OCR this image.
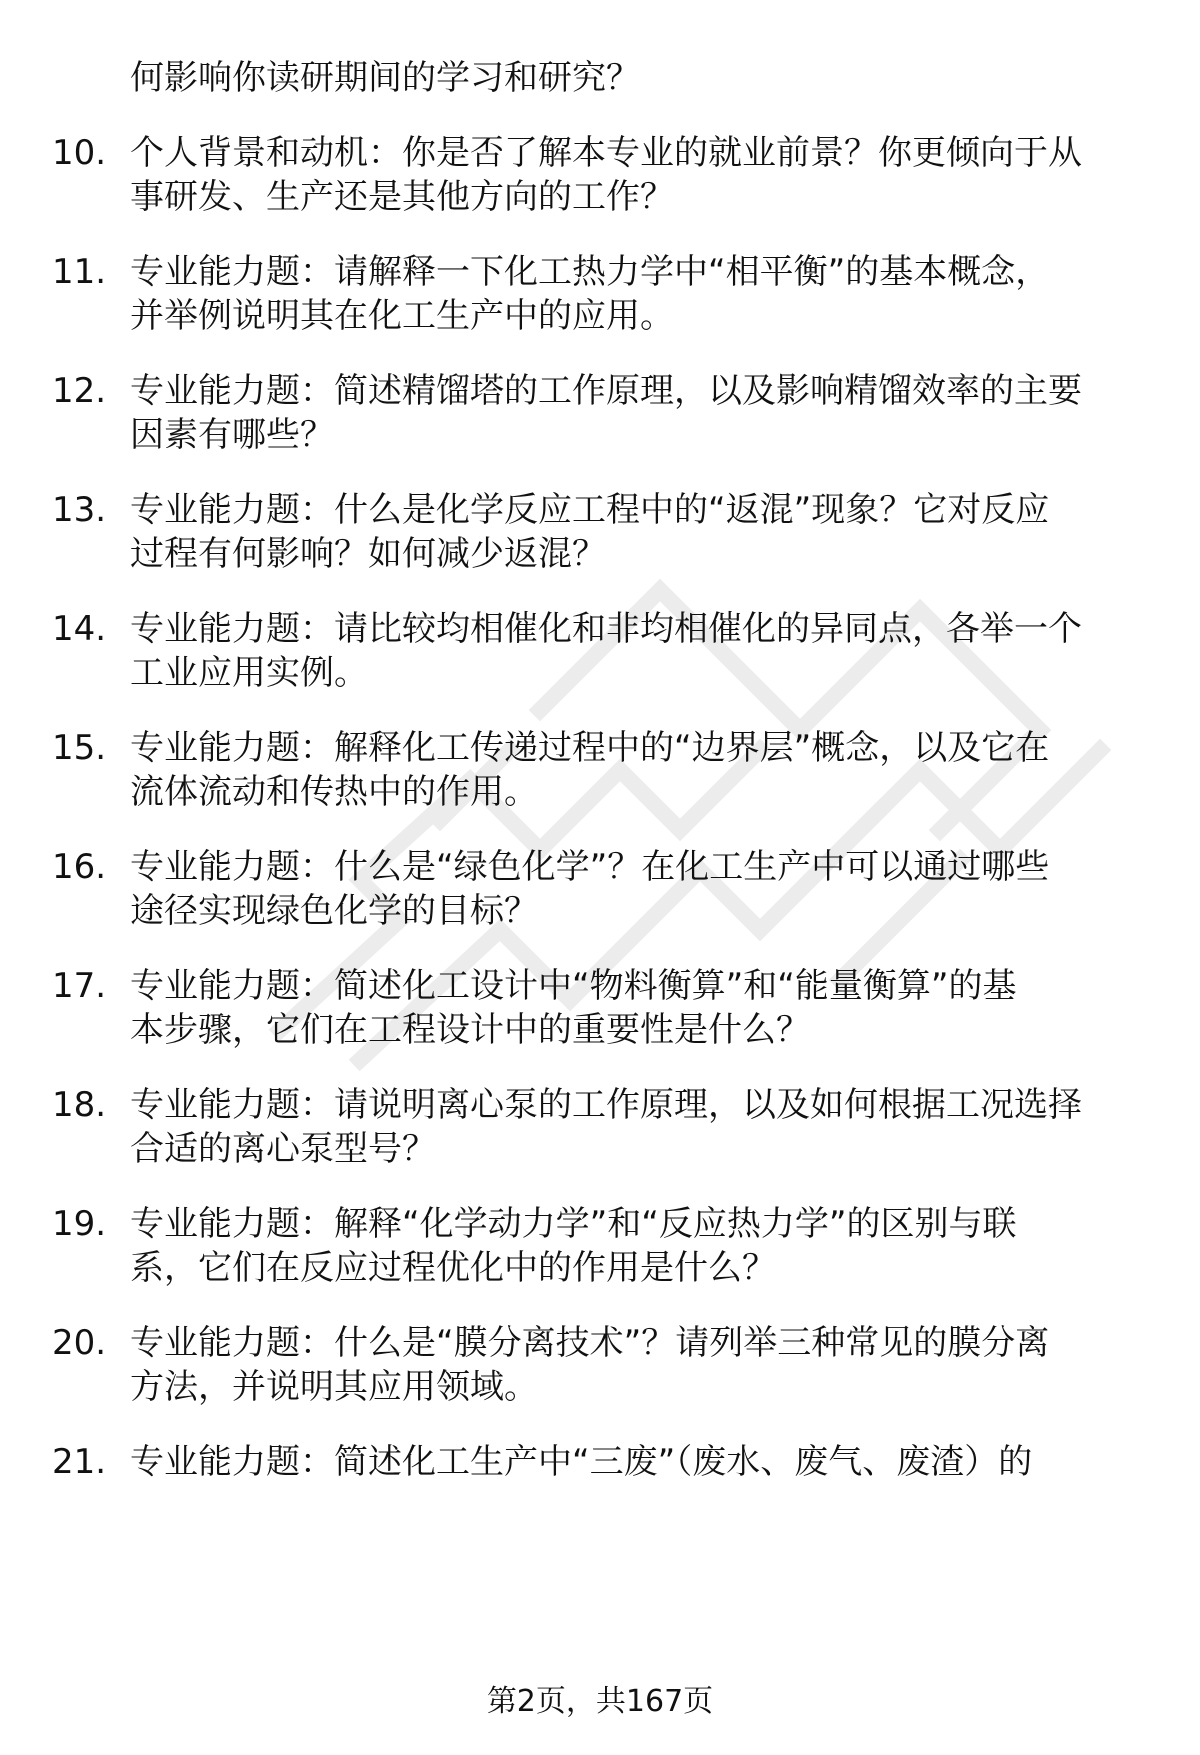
何影响你读研期间的学习和研究？
10. 个人背景和动机：你是否了解本专业的就业前景？你更倾向于从
事研发、生产还是其他方向的工作？
11. 专业能力题：请解释一下化工热力学中“相平衡”的基本概念，
并举例说明其在化工生产中的应用。
12. 专业能力题：简述精馏塔的工作原理，以及影响精馏效率的主要
因素有哪些？
13. 专业能力题：什么是化学反应工程中的“返混”现象？它对反应
过程有何影响？如何减少返混？
14. 专业能力题：请比较均相催化和非均相催化的异同点，各举一个
工业应用实例。
15. 专业能力题：解释化工传递过程中的“边界层”概念，以及它在
流体流动和传热中的作用。
16. 专业能力题：什么是“绿色化学”？在化工生产中可以通过哪些
途径实现绿色化学的目标？
17. 专业能力题：简述化工设计中“物料衡算”和“能量衡算”的基
本步骤，它们在工程设计中的重要性是什么？
18. 专业能力题：请说明离心泵的工作原理，以及如何根据工况选择
合适的离心泵型号？
19. 专业能力题：解释“化学动力学”和“反应热力学”的区别与联
系，它们在反应过程优化中的作用是什么？
20. 专业能力题：什么是“膜分离技术”？请列举三种常见的膜分离
方法，并说明其应用领域。
21. 专业能力题：简述化工生产中“三废”（废水、废气、废渣）的
第2页，共167页
